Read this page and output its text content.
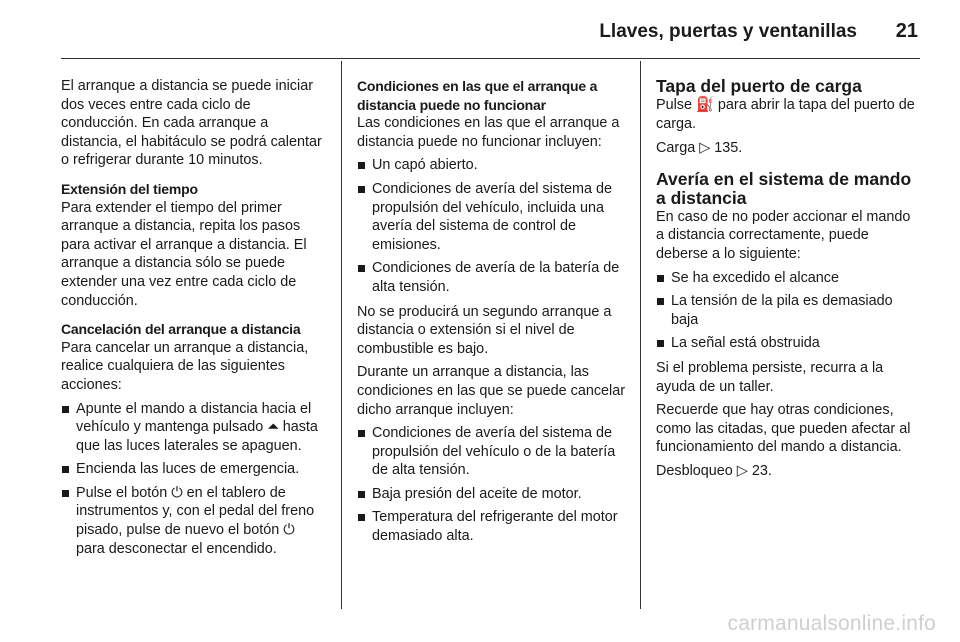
Llaves, puertas y ventanillas 21

El arranque a distancia se puede iniciar dos veces entre cada ciclo de conducción. En cada arranque a distancia, el habitáculo se podrá calentar o refrigerar durante 10 minutos.

Extensión del tiempo
Para extender el tiempo del primer arranque a distancia, repita los pasos para activar el arranque a distancia. El arranque a distancia sólo se puede extender una vez entre cada ciclo de conducción.
Cancelación del arranque a distancia

Para cancelar un arranque a distancia, realice cualquiera de las siguientes acciones:

Apunte el mando a distancia hacia el vehículo y mantenga pulsado ⏶ hasta que las luces laterales se apaguen.
Encienda las luces de emergencia.
Pulse el botón ⏻ en el tablero de instrumentos y, con el pedal del freno pisado, pulse de nuevo el botón ⏻ para desconectar el encendido.
Condiciones en las que el arranque a distancia puede no funcionar

Las condiciones en las que el arranque a distancia puede no funcionar incluyen:

Un capó abierto.
Condiciones de avería del sistema de propulsión del vehículo, incluida una avería del sistema de control de emisiones.
Condiciones de avería de la batería de alta tensión.

No se producirá un segundo arranque a distancia o extensión si el nivel de combustible es bajo.

Durante un arranque a distancia, las condiciones en las que se puede cancelar dicho arranque incluyen:

Condiciones de avería del sistema de propulsión del vehículo o de la batería de alta tensión.
Baja presión del aceite de motor.
Temperatura del refrigerante del motor demasiado alta.
Tapa del puerto de carga

Pulse ⛽ para abrir la tapa del puerto de carga.

Carga ▷ 135.

Avería en el sistema de mando a distancia

En caso de no poder accionar el mando a distancia correctamente, puede deberse a lo siguiente:

Se ha excedido el alcance
La tensión de la pila es demasiado baja
La señal está obstruida

Si el problema persiste, recurra a la ayuda de un taller.

Recuerde que hay otras condiciones, como las citadas, que pueden afectar al funcionamiento del mando a distancia.

Desbloqueo ▷ 23.

carmanualsonline.info
